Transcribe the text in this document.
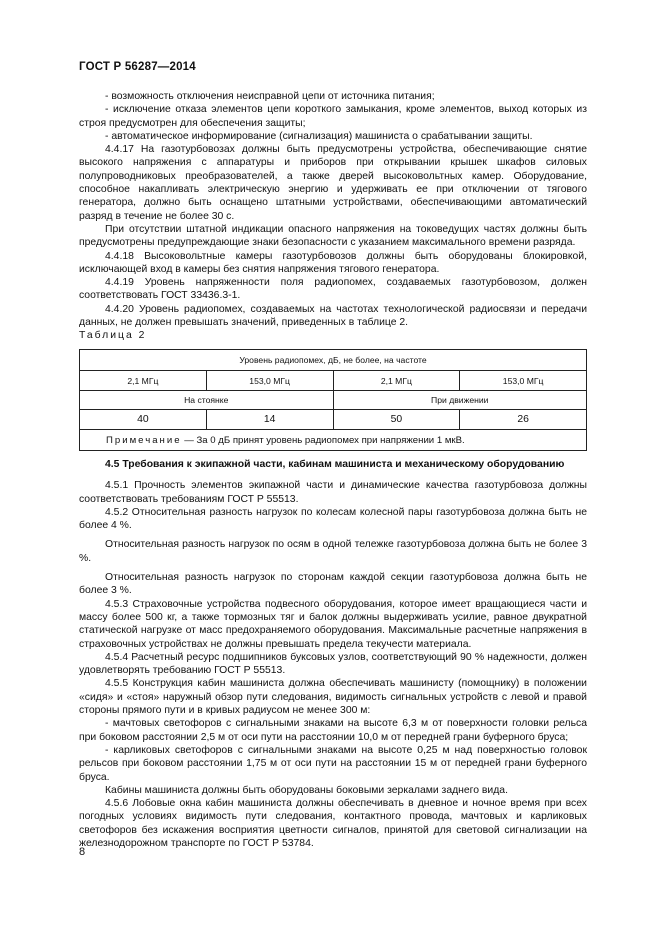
ГОСТ Р 56287—2014

- возможность отключения неисправной цепи от источника питания;

- исключение отказа элементов цепи короткого замыкания, кроме элементов, выход которых из строя предусмотрен для обеспечения защиты;

- автоматическое информирование (сигнализация) машиниста о срабатывании защиты.

4.4.17 На газотурбовозах должны быть предусмотрены устройства, обеспечивающие снятие высокого напряжения с аппаратуры и приборов при открывании крышек шкафов силовых полупроводниковых преобразователей, а также дверей высоковольтных камер. Оборудование, способное накапливать электрическую энергию и удерживать ее при отключении от тягового генератора, должно быть оснащено штатными устройствами, обеспечивающими автоматический разряд в течение не более 30 с.

При отсутствии штатной индикации опасного напряжения на токоведущих частях должны быть предусмотрены предупреждающие знаки безопасности с указанием максимального времени разряда.

4.4.18 Высоковольтные камеры газотурбовозов должны быть оборудованы блокировкой, исключающей вход в камеры без снятия напряжения тягового генератора.

4.4.19 Уровень напряженности поля радиопомех, создаваемых газотурбовозом, должен соответствовать ГОСТ 33436.3-1.

4.4.20 Уровень радиопомех, создаваемых на частотах технологической радиосвязи и передачи данных, не должен превышать значений, приведенных в таблице 2.

Таблица 2
Уровень радиопомех, дБ, не более, на частоте			
2,1 МГц	153,0 МГц	2,1 МГц	153,0 МГц
На стоянке		При движении	
40	14	50	26
Примечание — За 0 дБ принят уровень радиопомех при напряжении 1 мкВ.			

4.5 Требования к экипажной части, кабинам машиниста и механическому оборудованию

4.5.1 Прочность элементов экипажной части и динамические качества газотурбовоза должны соответствовать требованиям ГОСТ Р 55513.

4.5.2 Относительная разность нагрузок по колесам колесной пары газотурбовоза должна быть не более 4 %.

Относительная разность нагрузок по осям в одной тележке газотурбовоза должна быть не более 3 %.

Относительная разность нагрузок по сторонам каждой секции газотурбовоза должна быть не более 3 %.

4.5.3 Страховочные устройства подвесного оборудования, которое имеет вращающиеся части и массу более 500 кг, а также тормозных тяг и балок должны выдерживать усилие, равное двукратной статической нагрузке от масс предохраняемого оборудования. Максимальные расчетные напряжения в страховочных устройствах не должны превышать предела текучести материала.

4.5.4 Расчетный ресурс подшипников буксовых узлов, соответствующий 90 % надежности, должен удовлетворять требованию ГОСТ Р 55513.

4.5.5 Конструкция кабин машиниста должна обеспечивать машинисту (помощнику) в положении «сидя» и «стоя» наружный обзор пути следования, видимость сигнальных устройств с левой и правой стороны прямого пути и в кривых радиусом не менее 300 м:

- мачтовых светофоров с сигнальными знаками на высоте 6,3 м от поверхности головки рельса при боковом расстоянии 2,5 м от оси пути на расстоянии 10,0 м от передней грани буферного бруса;

- карликовых светофоров с сигнальными знаками на высоте 0,25 м над поверхностью головок рельсов при боковом расстоянии 1,75 м от оси пути на расстоянии 15 м от передней грани буферного бруса.

Кабины машиниста должны быть оборудованы боковыми зеркалами заднего вида.

4.5.6 Лобовые окна кабин машиниста должны обеспечивать в дневное и ночное время при всех погодных условиях видимость пути следования, контактного провода, мачтовых и карликовых светофоров без искажения восприятия цветности сигналов, принятой для световой сигнализации на железнодорожном транспорте по ГОСТ Р 53784.

8
